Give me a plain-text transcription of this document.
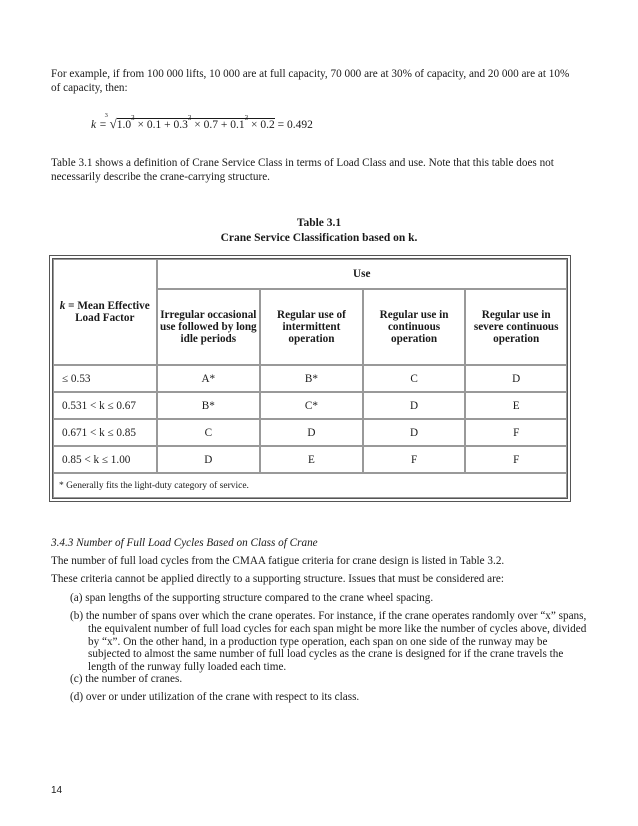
For example, if from 100 000 lifts, 10 000 are at full capacity, 70 000 are at 30% of capacity, and 20 000 are at 10% of capacity, then:
k =
3
$√1.0^3 \times 0.1 + 0.3^3 \times 0.7 + 0.1^3 \times 0.2 = 0.492$
Table 3.1 shows a definition of Crane Service Class in terms of Load Class and use. Note that this table does not necessarily describe the crane-carrying structure.
Table 3.1
Crane Service Classification based on k.
k = Mean Effective Load Factor	Use			
	Irregular occasional use followed by long idle periods	Regular use of intermittent operation	Regular use in continuous operation	Regular use in severe continuous operation
≤ 0.53	A*	B*	C	D
0.531 < k ≤ 0.67	B*	C*	D	E
0.671 < k ≤ 0.85	C	D	D	F
0.85 < k ≤ 1.00	D	E	F	F
* Generally fits the light-duty category of service.				
3.4.3 Number of Full Load Cycles Based on Class of Crane
The number of full load cycles from the CMAA fatigue criteria for crane design is listed in Table 3.2.
These criteria cannot be applied directly to a supporting structure. Issues that must be considered are:
(a) span lengths of the supporting structure compared to the crane wheel spacing.
(b) the number of spans over which the crane operates. For instance, if the crane operates randomly over “x” spans, the equivalent number of full load cycles for each span might be more like the number of cycles above, divided by “x”. On the other hand, in a production type operation, each span on one side of the runway may be subjected to almost the same number of full load cycles as the crane is designed for if the crane travels the length of the runway fully loaded each time.
(c) the number of cranes.
(d) over or under utilization of the crane with respect to its class.
14
